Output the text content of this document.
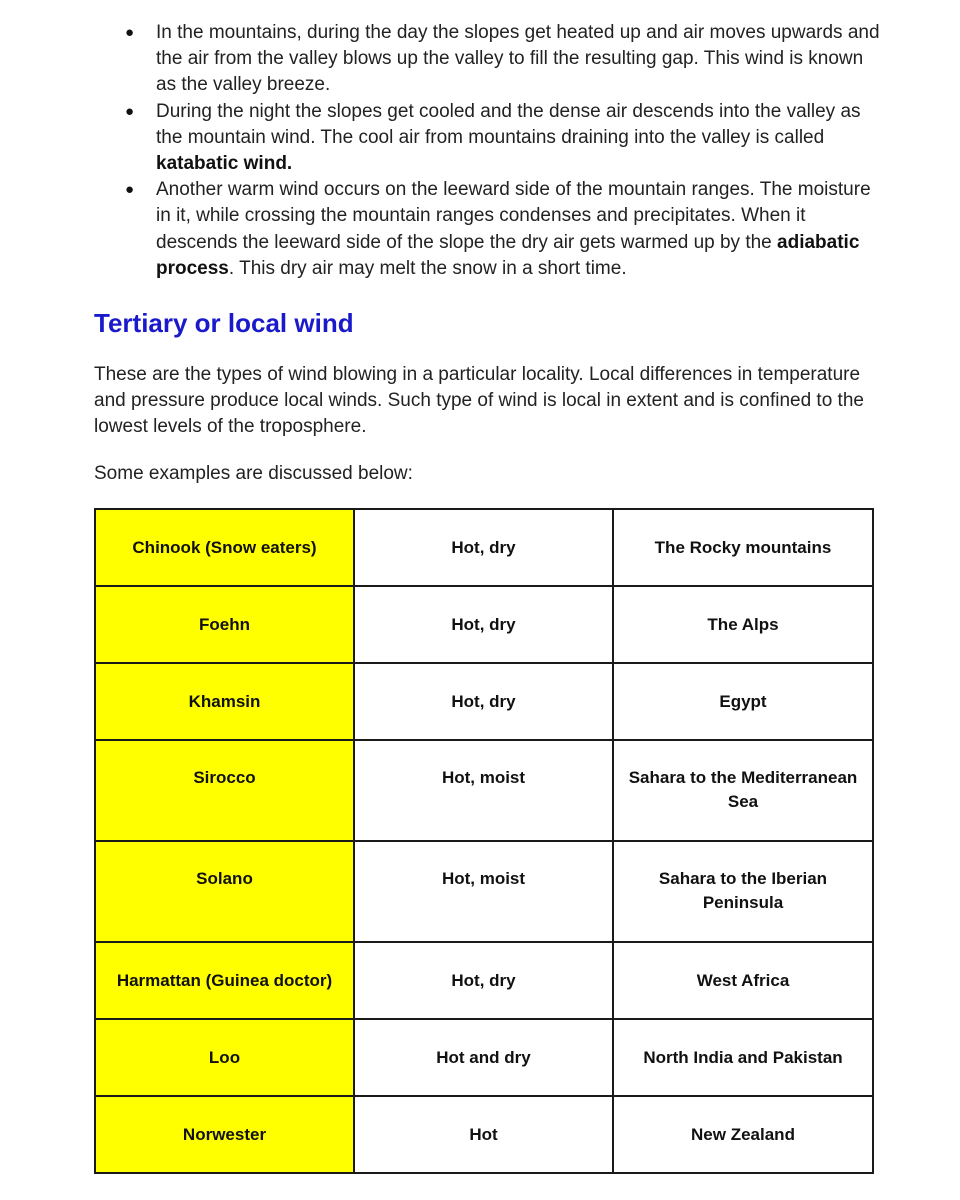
● In the mountains, during the day the slopes get heated up and air moves upwards and the air from the valley blows up the valley to fill the resulting gap. This wind is known as the valley breeze.
● During the night the slopes get cooled and the dense air descends into the valley as the mountain wind. The cool air from mountains draining into the valley is called katabatic wind.
● Another warm wind occurs on the leeward side of the mountain ranges. The moisture in it, while crossing the mountain ranges condenses and precipitates. When it descends the leeward side of the slope the dry air gets warmed up by the adiabatic process. This dry air may melt the snow in a short time.
Tertiary or local wind

These are the types of wind blowing in a particular locality. Local differences in temperature and pressure produce local winds. Such type of wind is local in extent and is confined to the lowest levels of the troposphere.

Some examples are discussed below:

Chinook (Snow eaters)	Hot, dry	The Rocky mountains
Foehn	Hot, dry	The Alps
Khamsin	Hot, dry	Egypt
Sirocco	Hot, moist	Sahara to the Mediterranean Sea
Solano	Hot, moist	Sahara to the Iberian Peninsula
Harmattan (Guinea doctor)	Hot, dry	West Africa
Loo	Hot and dry	North India and Pakistan
Norwester	Hot	New Zealand
